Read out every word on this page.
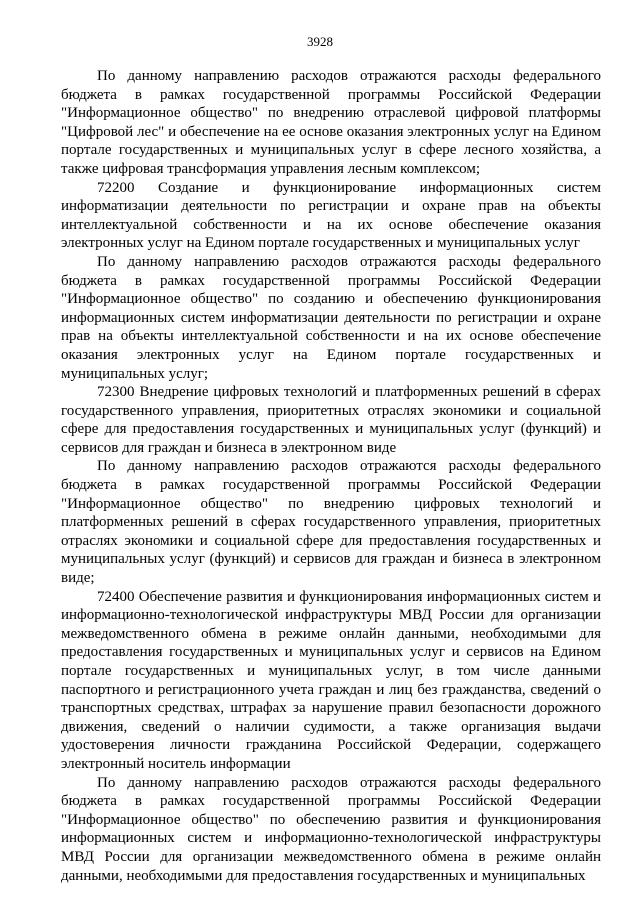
3928

По данному направлению расходов отражаются расходы федерального бюджета в рамках государственной программы Российской Федерации "Информационное общество" по внедрению отраслевой цифровой платформы "Цифровой лес" и обеспечение на ее основе оказания электронных услуг на Едином портале государственных и муниципальных услуг в сфере лесного хозяйства, а также цифровая трансформация управления лесным комплексом;

72200 Создание и функционирование информационных систем информатизации деятельности по регистрации и охране прав на объекты интеллектуальной собственности и на их основе обеспечение оказания электронных услуг на Едином портале государственных и муниципальных услуг

По данному направлению расходов отражаются расходы федерального бюджета в рамках государственной программы Российской Федерации "Информационное общество" по созданию и обеспечению функционирования информационных систем информатизации деятельности по регистрации и охране прав на объекты интеллектуальной собственности и на их основе обеспечение оказания электронных услуг на Едином портале государственных и муниципальных услуг;

72300 Внедрение цифровых технологий и платформенных решений в сферах государственного управления, приоритетных отраслях экономики и социальной сфере для предоставления государственных и муниципальных услуг (функций) и сервисов для граждан и бизнеса в электронном виде

По данному направлению расходов отражаются расходы федерального бюджета в рамках государственной программы Российской Федерации "Информационное общество" по внедрению цифровых технологий и платформенных решений в сферах государственного управления, приоритетных отраслях экономики и социальной сфере для предоставления государственных и муниципальных услуг (функций) и сервисов для граждан и бизнеса в электронном виде;

72400 Обеспечение развития и функционирования информационных систем и информационно-технологической инфраструктуры МВД России для организации межведомственного обмена в режиме онлайн данными, необходимыми для предоставления государственных и муниципальных услуг и сервисов на Едином портале государственных и муниципальных услуг, в том числе данными паспортного и регистрационного учета граждан и лиц без гражданства, сведений о транспортных средствах, штрафах за нарушение правил безопасности дорожного движения, сведений о наличии судимости, а также организация выдачи удостоверения личности гражданина Российской Федерации, содержащего электронный носитель информации

По данному направлению расходов отражаются расходы федерального бюджета в рамках государственной программы Российской Федерации "Информационное общество" по обеспечению развития и функционирования информационных систем и информационно-технологической инфраструктуры МВД России для организации межведомственного обмена в режиме онлайн данными, необходимыми для предоставления государственных и муниципальных
